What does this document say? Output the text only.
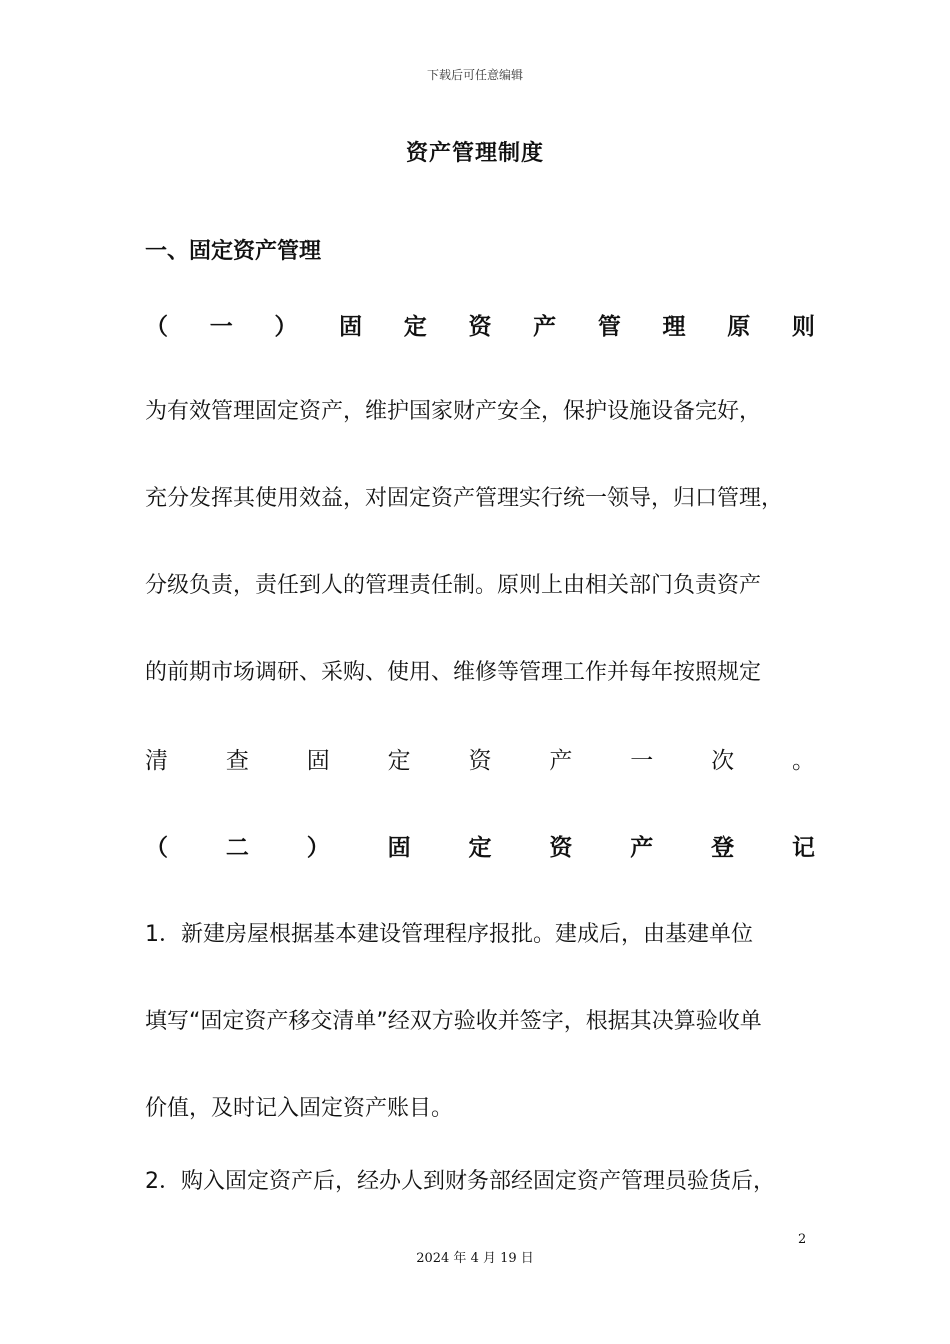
下载后可任意编辑
资产管理制度
一、固定资产管理
（ 一 ） 固 定 资 产 管 理 原 则
为有效管理固定资产，维护国家财产安全，保护设施设备完好，
充分发挥其使用效益，对固定资产管理实行统一领导，归口管理，
分级负责，责任到人的管理责任制。原则上由相关部门负责资产
的前期市场调研、采购、使用、维修等管理工作并每年按照规定
清	查	固	定	资	产	一	次	。
（	二	）	固	定	资	产	登	记
1．新建房屋根据基本建设管理程序报批。建成后，由基建单位
填写“固定资产移交清单”经双方验收并签字，根据其决算验收单
价值，及时记入固定资产账目。
2．购入固定资产后，经办人到财务部经固定资产管理员验货后，
2
2024 年 4 月 19 日
